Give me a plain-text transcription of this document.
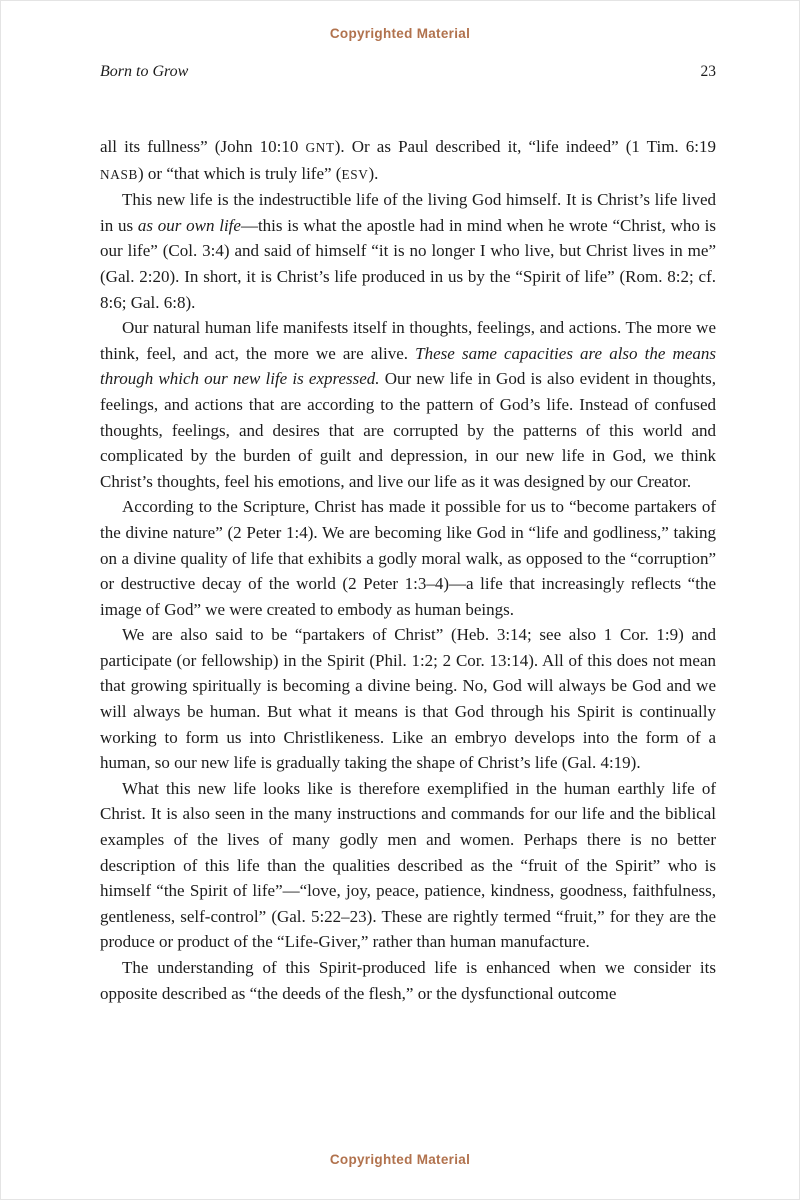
Copyrighted Material
Born to Grow	23

all its fullness” (John 10:10 GNT). Or as Paul described it, “life indeed” (1 Tim. 6:19 NASB) or “that which is truly life” (ESV).

This new life is the indestructible life of the living God himself. It is Christ’s life lived in us as our own life—this is what the apostle had in mind when he wrote “Christ, who is our life” (Col. 3:4) and said of himself “it is no longer I who live, but Christ lives in me” (Gal. 2:20). In short, it is Christ’s life produced in us by the “Spirit of life” (Rom. 8:2; cf. 8:6; Gal. 6:8).

Our natural human life manifests itself in thoughts, feelings, and actions. The more we think, feel, and act, the more we are alive. These same capacities are also the means through which our new life is expressed. Our new life in God is also evident in thoughts, feelings, and actions that are according to the pattern of God’s life. Instead of confused thoughts, feelings, and desires that are corrupted by the patterns of this world and complicated by the burden of guilt and depression, in our new life in God, we think Christ’s thoughts, feel his emotions, and live our life as it was designed by our Creator.

According to the Scripture, Christ has made it possible for us to “become partakers of the divine nature” (2 Peter 1:4). We are becoming like God in “life and godliness,” taking on a divine quality of life that exhibits a godly moral walk, as opposed to the “corruption” or destructive decay of the world (2 Peter 1:3–4)—a life that increasingly reflects “the image of God” we were created to embody as human beings.

We are also said to be “partakers of Christ” (Heb. 3:14; see also 1 Cor. 1:9) and participate (or fellowship) in the Spirit (Phil. 1:2; 2 Cor. 13:14). All of this does not mean that growing spiritually is becoming a divine being. No, God will always be God and we will always be human. But what it means is that God through his Spirit is continually working to form us into Christlikeness. Like an embryo develops into the form of a human, so our new life is gradually taking the shape of Christ’s life (Gal. 4:19).

What this new life looks like is therefore exemplified in the human earthly life of Christ. It is also seen in the many instructions and commands for our life and the biblical examples of the lives of many godly men and women. Perhaps there is no better description of this life than the qualities described as the “fruit of the Spirit” who is himself “the Spirit of life”—“love, joy, peace, patience, kindness, goodness, faithfulness, gentleness, self-control” (Gal. 5:22–23). These are rightly termed “fruit,” for they are the produce or product of the “Life-Giver,” rather than human manufacture.

The understanding of this Spirit-produced life is enhanced when we consider its opposite described as “the deeds of the flesh,” or the dysfunctional outcome

Copyrighted Material
